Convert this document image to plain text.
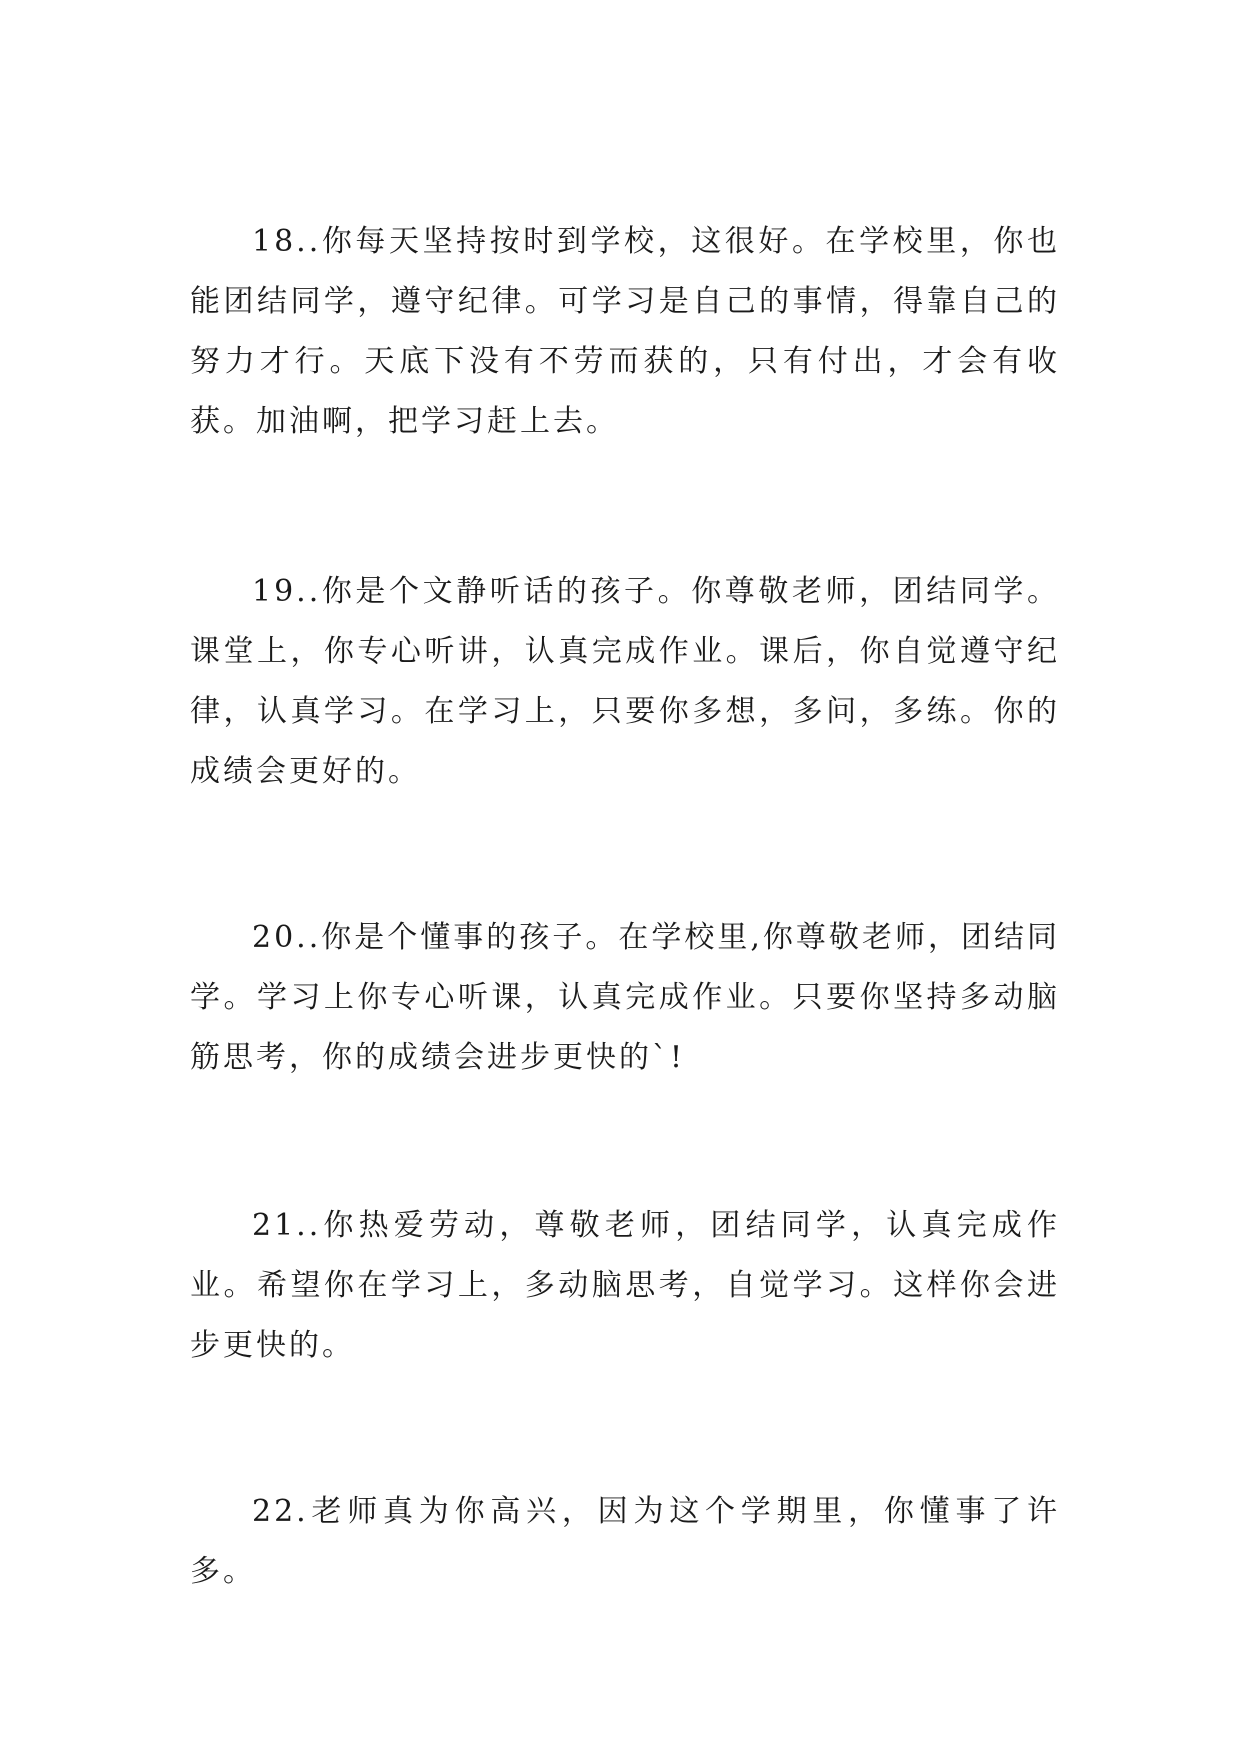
18..你每天坚持按时到学校，这很好。在学校里，你也能团结同学，遵守纪律。可学习是自己的事情，得靠自己的努力才行。天底下没有不劳而获的，只有付出，才会有收获。加油啊，把学习赶上去。

19..你是个文静听话的孩子。你尊敬老师，团结同学。课堂上，你专心听讲，认真完成作业。课后，你自觉遵守纪律，认真学习。在学习上，只要你多想，多问，多练。你的成绩会更好的。

20..你是个懂事的孩子。在学校里,你尊敬老师，团结同学。学习上你专心听课，认真完成作业。只要你坚持多动脑筋思考，你的成绩会进步更快的`!

21..你热爱劳动，尊敬老师，团结同学，认真完成作业。希望你在学习上，多动脑思考，自觉学习。这样你会进步更快的。

22.老师真为你高兴，因为这个学期里，你懂事了许多。
